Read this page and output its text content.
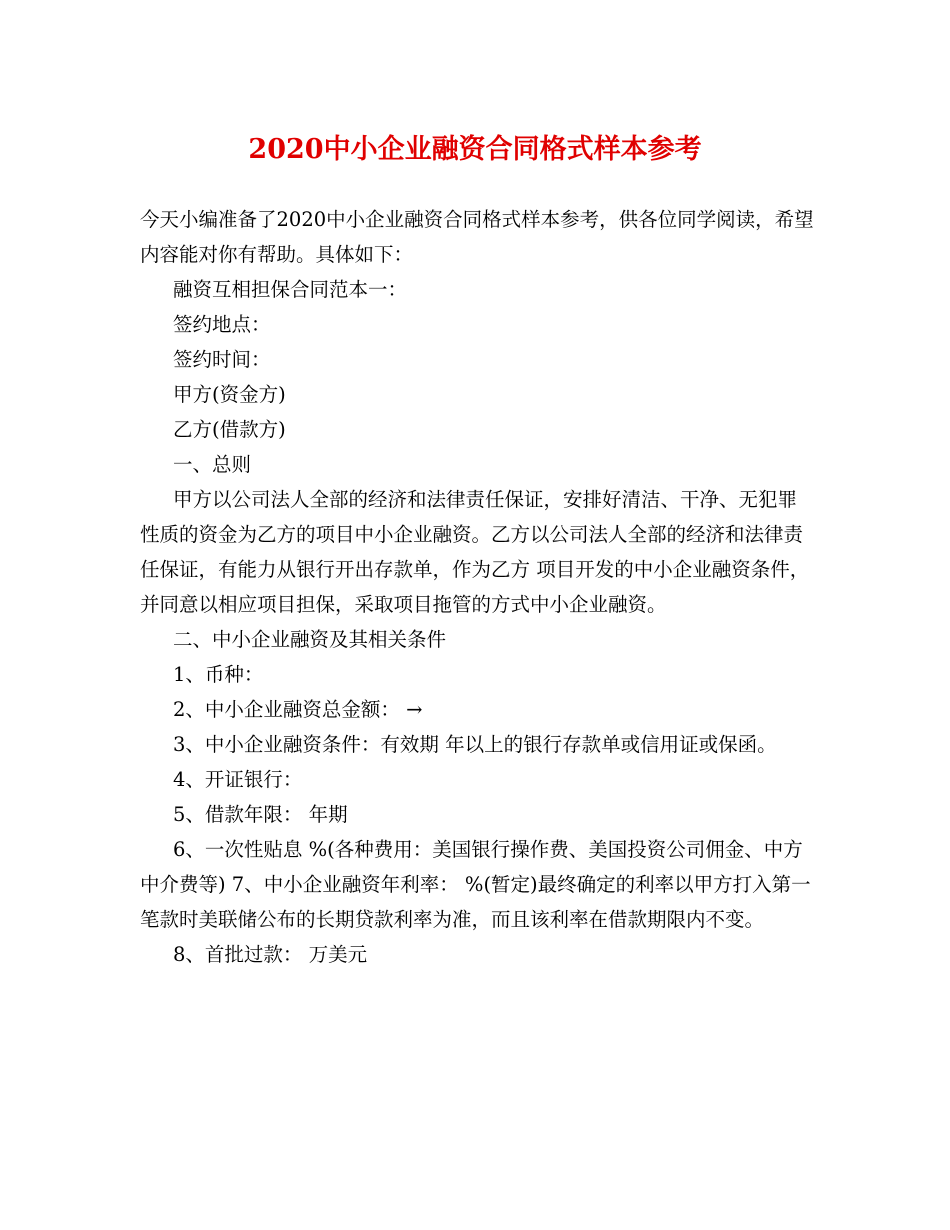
2020中小企业融资合同格式样本参考

今天小编准备了2020中小企业融资合同格式样本参考，供各位同学阅读，希望内容能对你有帮助。具体如下：

融资互相担保合同范本一：

签约地点：

签约时间：

甲方(资金方)

乙方(借款方)

一、总则

甲方以公司法人全部的经济和法律责任保证，安排好清洁、干净、无犯罪性质的资金为乙方的项目中小企业融资。乙方以公司法人全部的经济和法律责任保证，有能力从银行开出存款单，作为乙方 项目开发的中小企业融资条件，并同意以相应项目担保，采取项目拖管的方式中小企业融资。

二、中小企业融资及其相关条件

1、币种：

2、中小企业融资总金额： →

3、中小企业融资条件：有效期 年以上的银行存款单或信用证或保函。

4、开证银行：

5、借款年限： 年期

6、一次性贴息 %(各种费用：美国银行操作费、美国投资公司佣金、中方中介费等) 7、中小企业融资年利率： %(暂定)最终确定的利率以甲方打入第一笔款时美联储公布的长期贷款利率为准，而且该利率在借款期限内不变。

8、首批过款： 万美元
